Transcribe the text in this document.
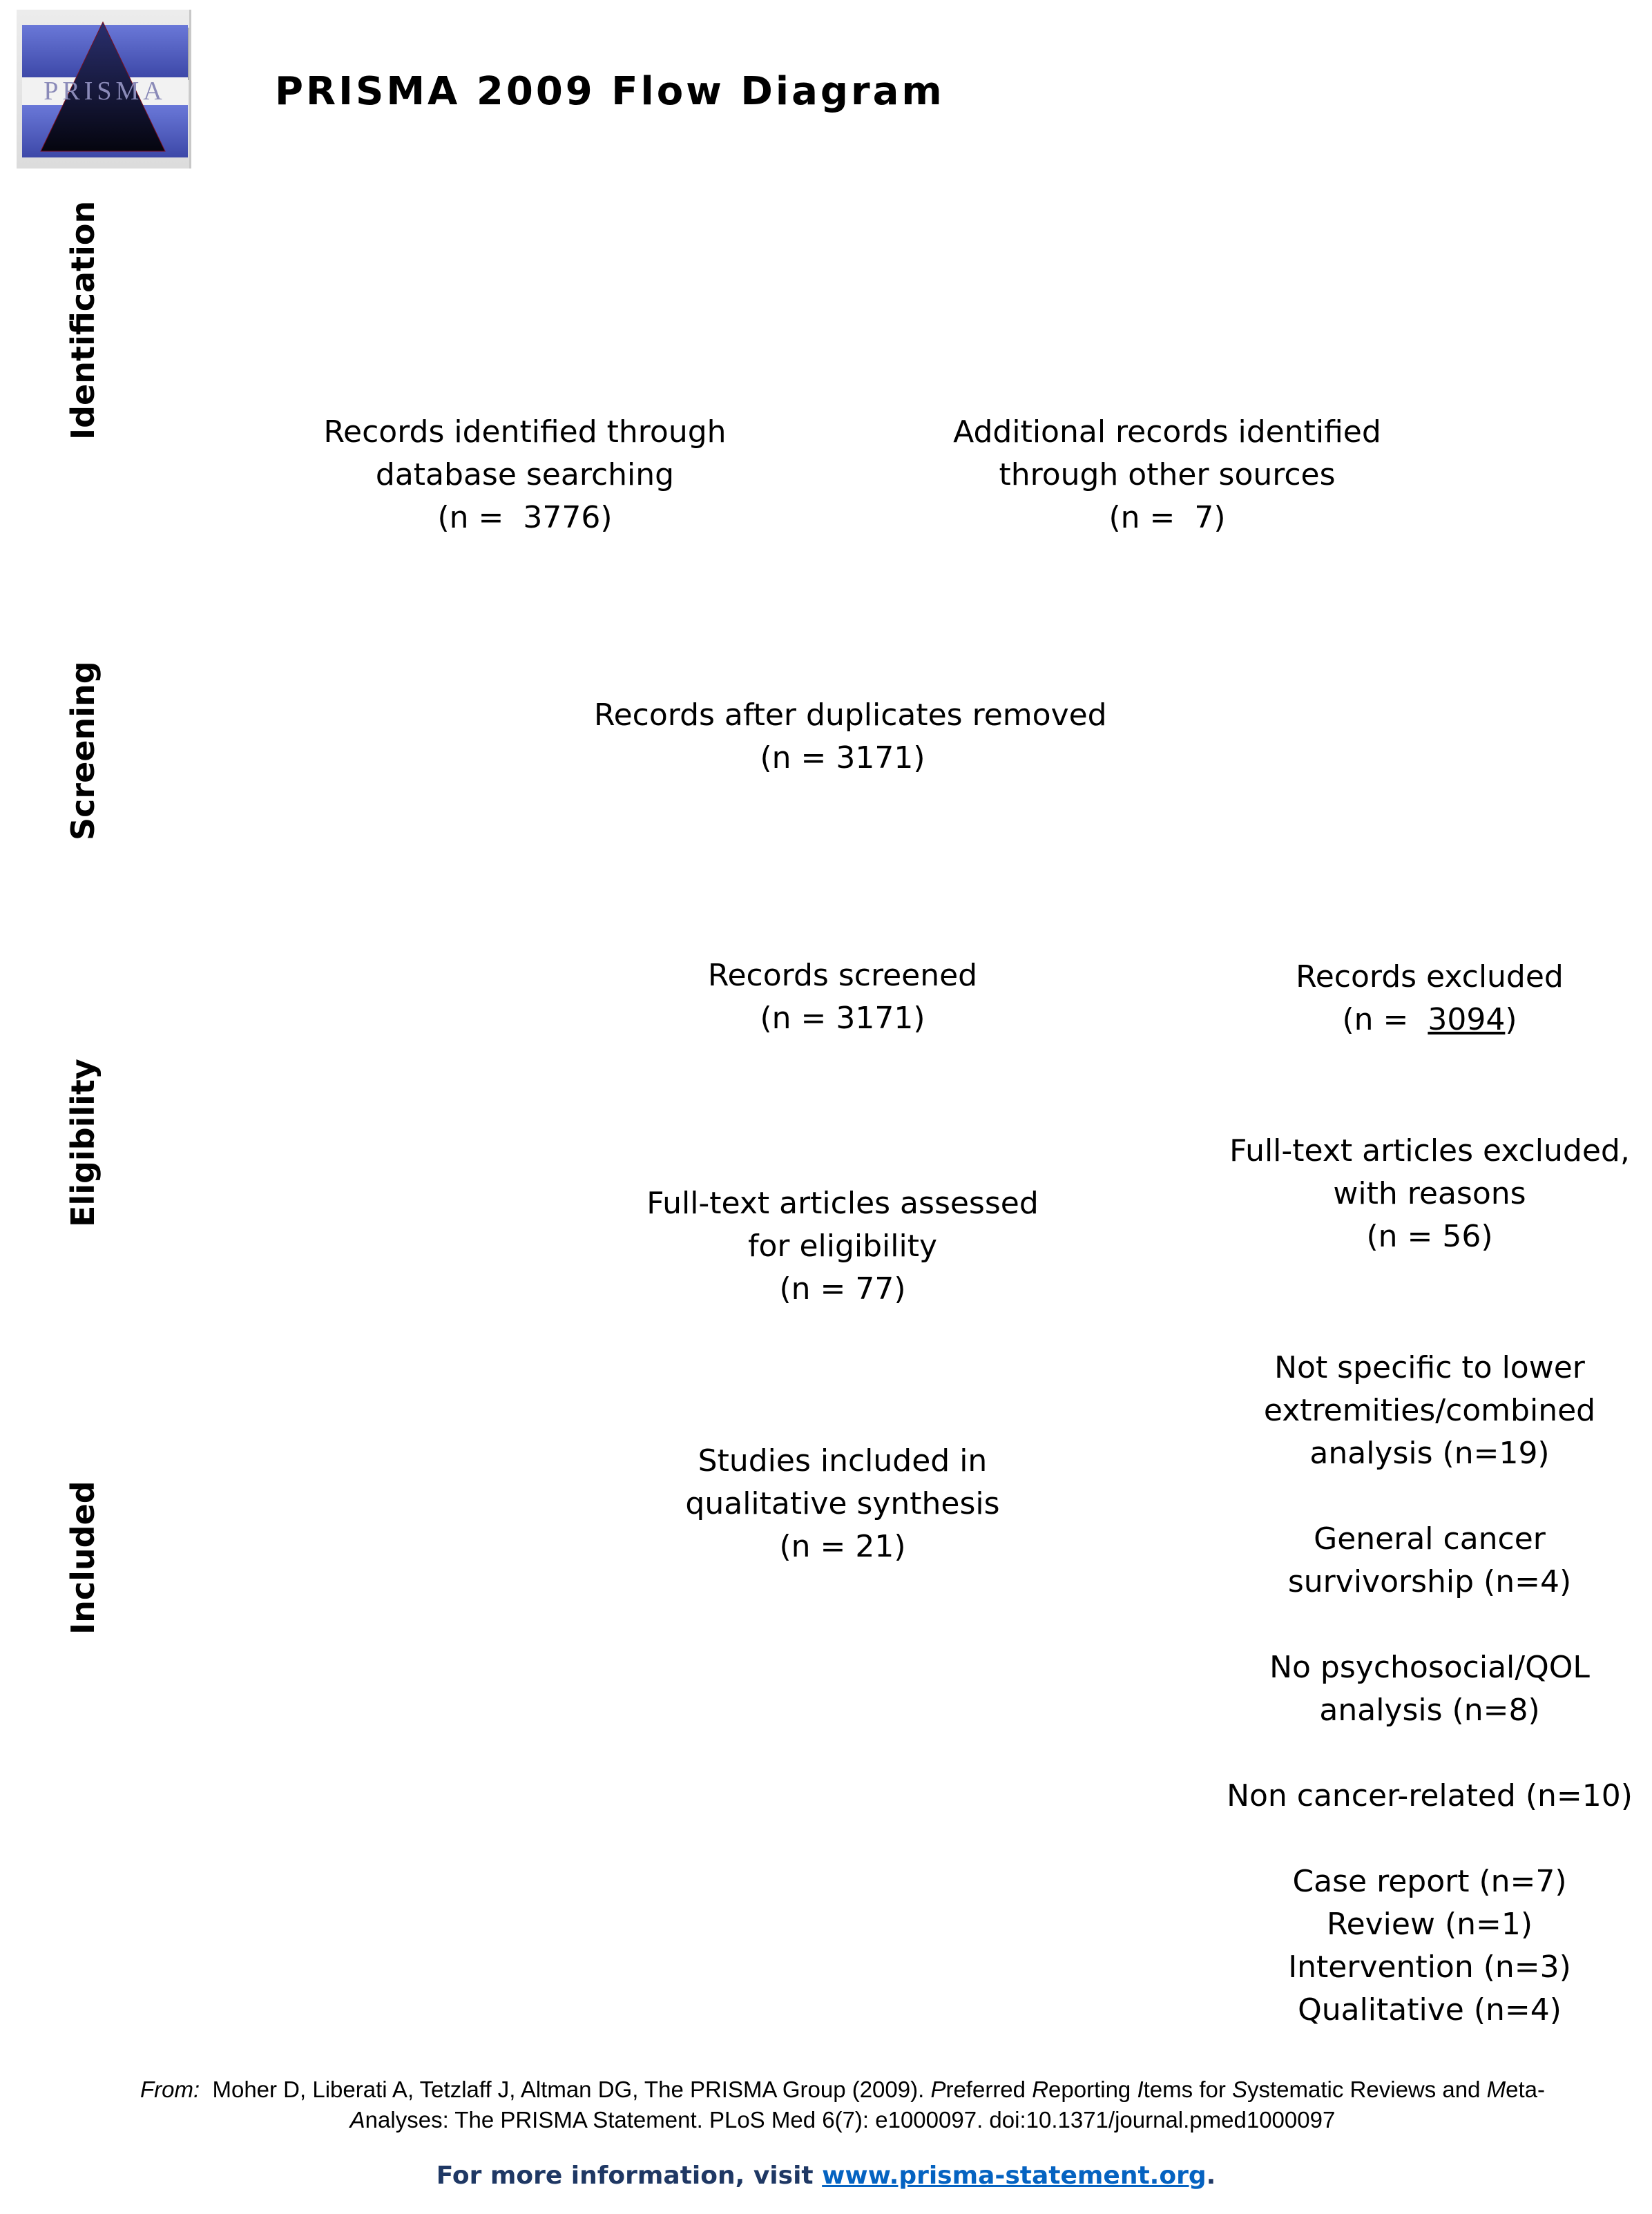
PRISMA	PRISMA 2009 Flow Diagram
Identification
Screening
Eligibility
Included
Records identified through
database searching
(n =  3776)
Additional records identified
through other sources
(n =  7)
Records after duplicates removed
(n = 3171)
Records screened
(n = 3171)
Records excluded
(n =  3094)
Full-text articles assessed
for eligibility
(n = 77)
Full-text articles excluded,
with reasons
(n = 56)
Studies included in
qualitative synthesis
(n = 21)
Not specific to lower
extremities/combined
analysis (n=19)
General cancer
survivorship (n=4)
No psychosocial/QOL
analysis (n=8)
Non cancer-related (n=10)
Case report (n=7)
Review (n=1)
Intervention (n=3)
Qualitative (n=4)
From:  Moher D, Liberati A, Tetzlaff J, Altman DG, The PRISMA Group (2009). Preferred Reporting Items for Systematic Reviews and Meta-
Analyses: The PRISMA Statement. PLoS Med 6(7): e1000097. doi:10.1371/journal.pmed1000097
For more information, visit www.prisma-statement.org.
